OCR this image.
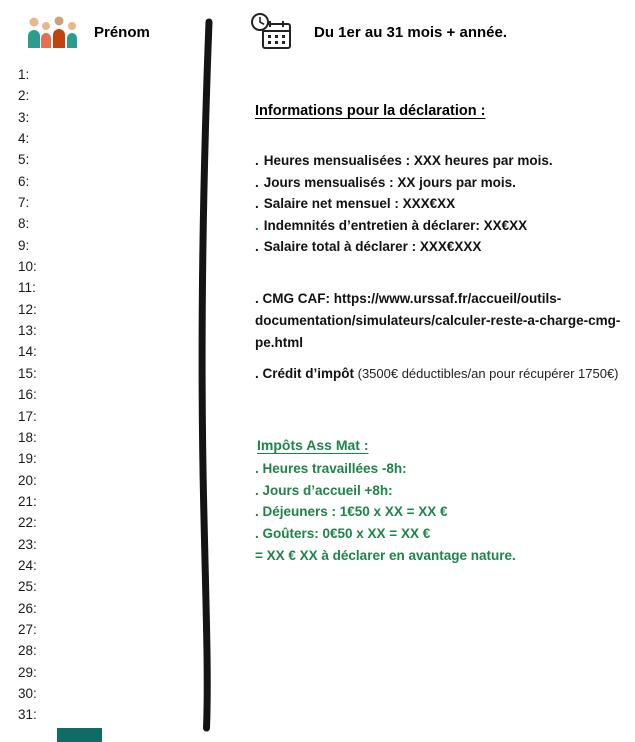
Prénom
1:
2:
3:
4:
5:
6:
7:
8:
9:
10:
11:
12:
13:
14:
15:
16:
17:
18:
19:
20:
21:
22:
23:
24:
25:
26:
27:
28:
29:
30:
31:
Du 1er au 31 mois + année.
Informations pour la déclaration :
. Heures mensualisées : XXX heures par mois.
. Jours mensualisés : XX jours par mois.
. Salaire net mensuel : XXX€XX
. Indemnités d’entretien à déclarer: XX€XX
. Salaire total à déclarer : XXX€XXX
. CMG CAF: https://www.urssaf.fr/accueil/outils-documentation/simulateurs/calculer-reste-a-charge-cmg-pe.html
. Crédit d’impôt (3500€ déductibles/an pour récupérer 1750€)
Impôts Ass Mat :
. Heures travaillées -8h:
. Jours d’accueil +8h:
. Déjeuners : 1€50 x XX = XX €
. Goûters: 0€50 x XX = XX €
= XX € XX à déclarer en avantage nature.
